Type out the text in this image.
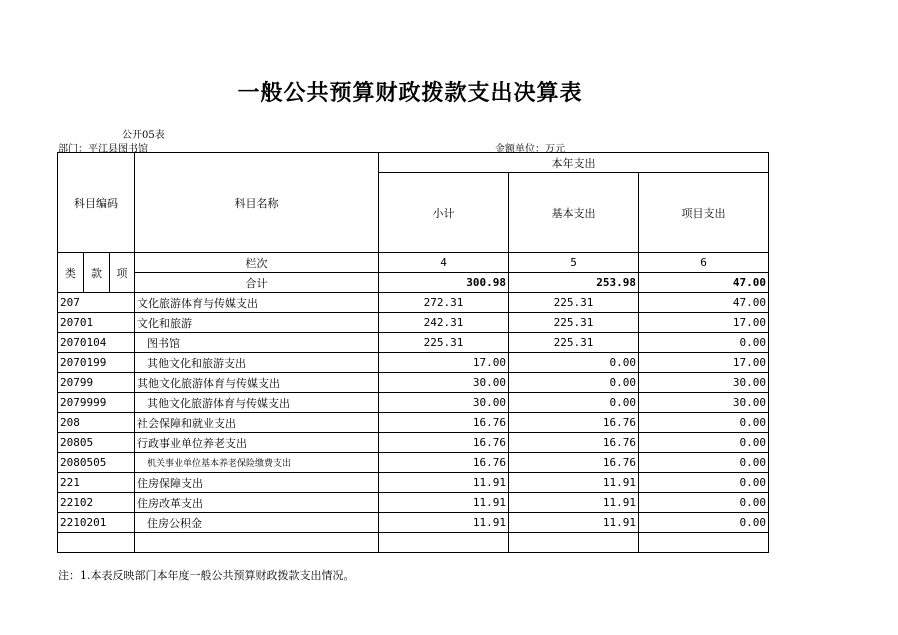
一般公共预算财政拨款支出决算表
公开05表
部门：平江县图书馆	金额单位：万元
科目编码			科目名称	本年支出		
				小计	基本支出	项目支出
类	款	项	栏次	4	5	6
			合计	300.98	253.98	47.00
207			文化旅游体育与传媒支出	272.31	225.31	47.00
20701			文化和旅游	242.31	225.31	17.00
2070104			图书馆	225.31	225.31	0.00
2070199			其他文化和旅游支出	17.00	0.00	17.00
20799			其他文化旅游体育与传媒支出	30.00	0.00	30.00
2079999			其他文化旅游体育与传媒支出	30.00	0.00	30.00
208			社会保障和就业支出	16.76	16.76	0.00
20805			行政事业单位养老支出	16.76	16.76	0.00
2080505			机关事业单位基本养老保险缴费支出	16.76	16.76	0.00
221			住房保障支出	11.91	11.91	0.00
22102			住房改革支出	11.91	11.91	0.00
2210201			住房公积金	11.91	11.91	0.00

注：1.本表反映部门本年度一般公共预算财政拨款支出情况。
